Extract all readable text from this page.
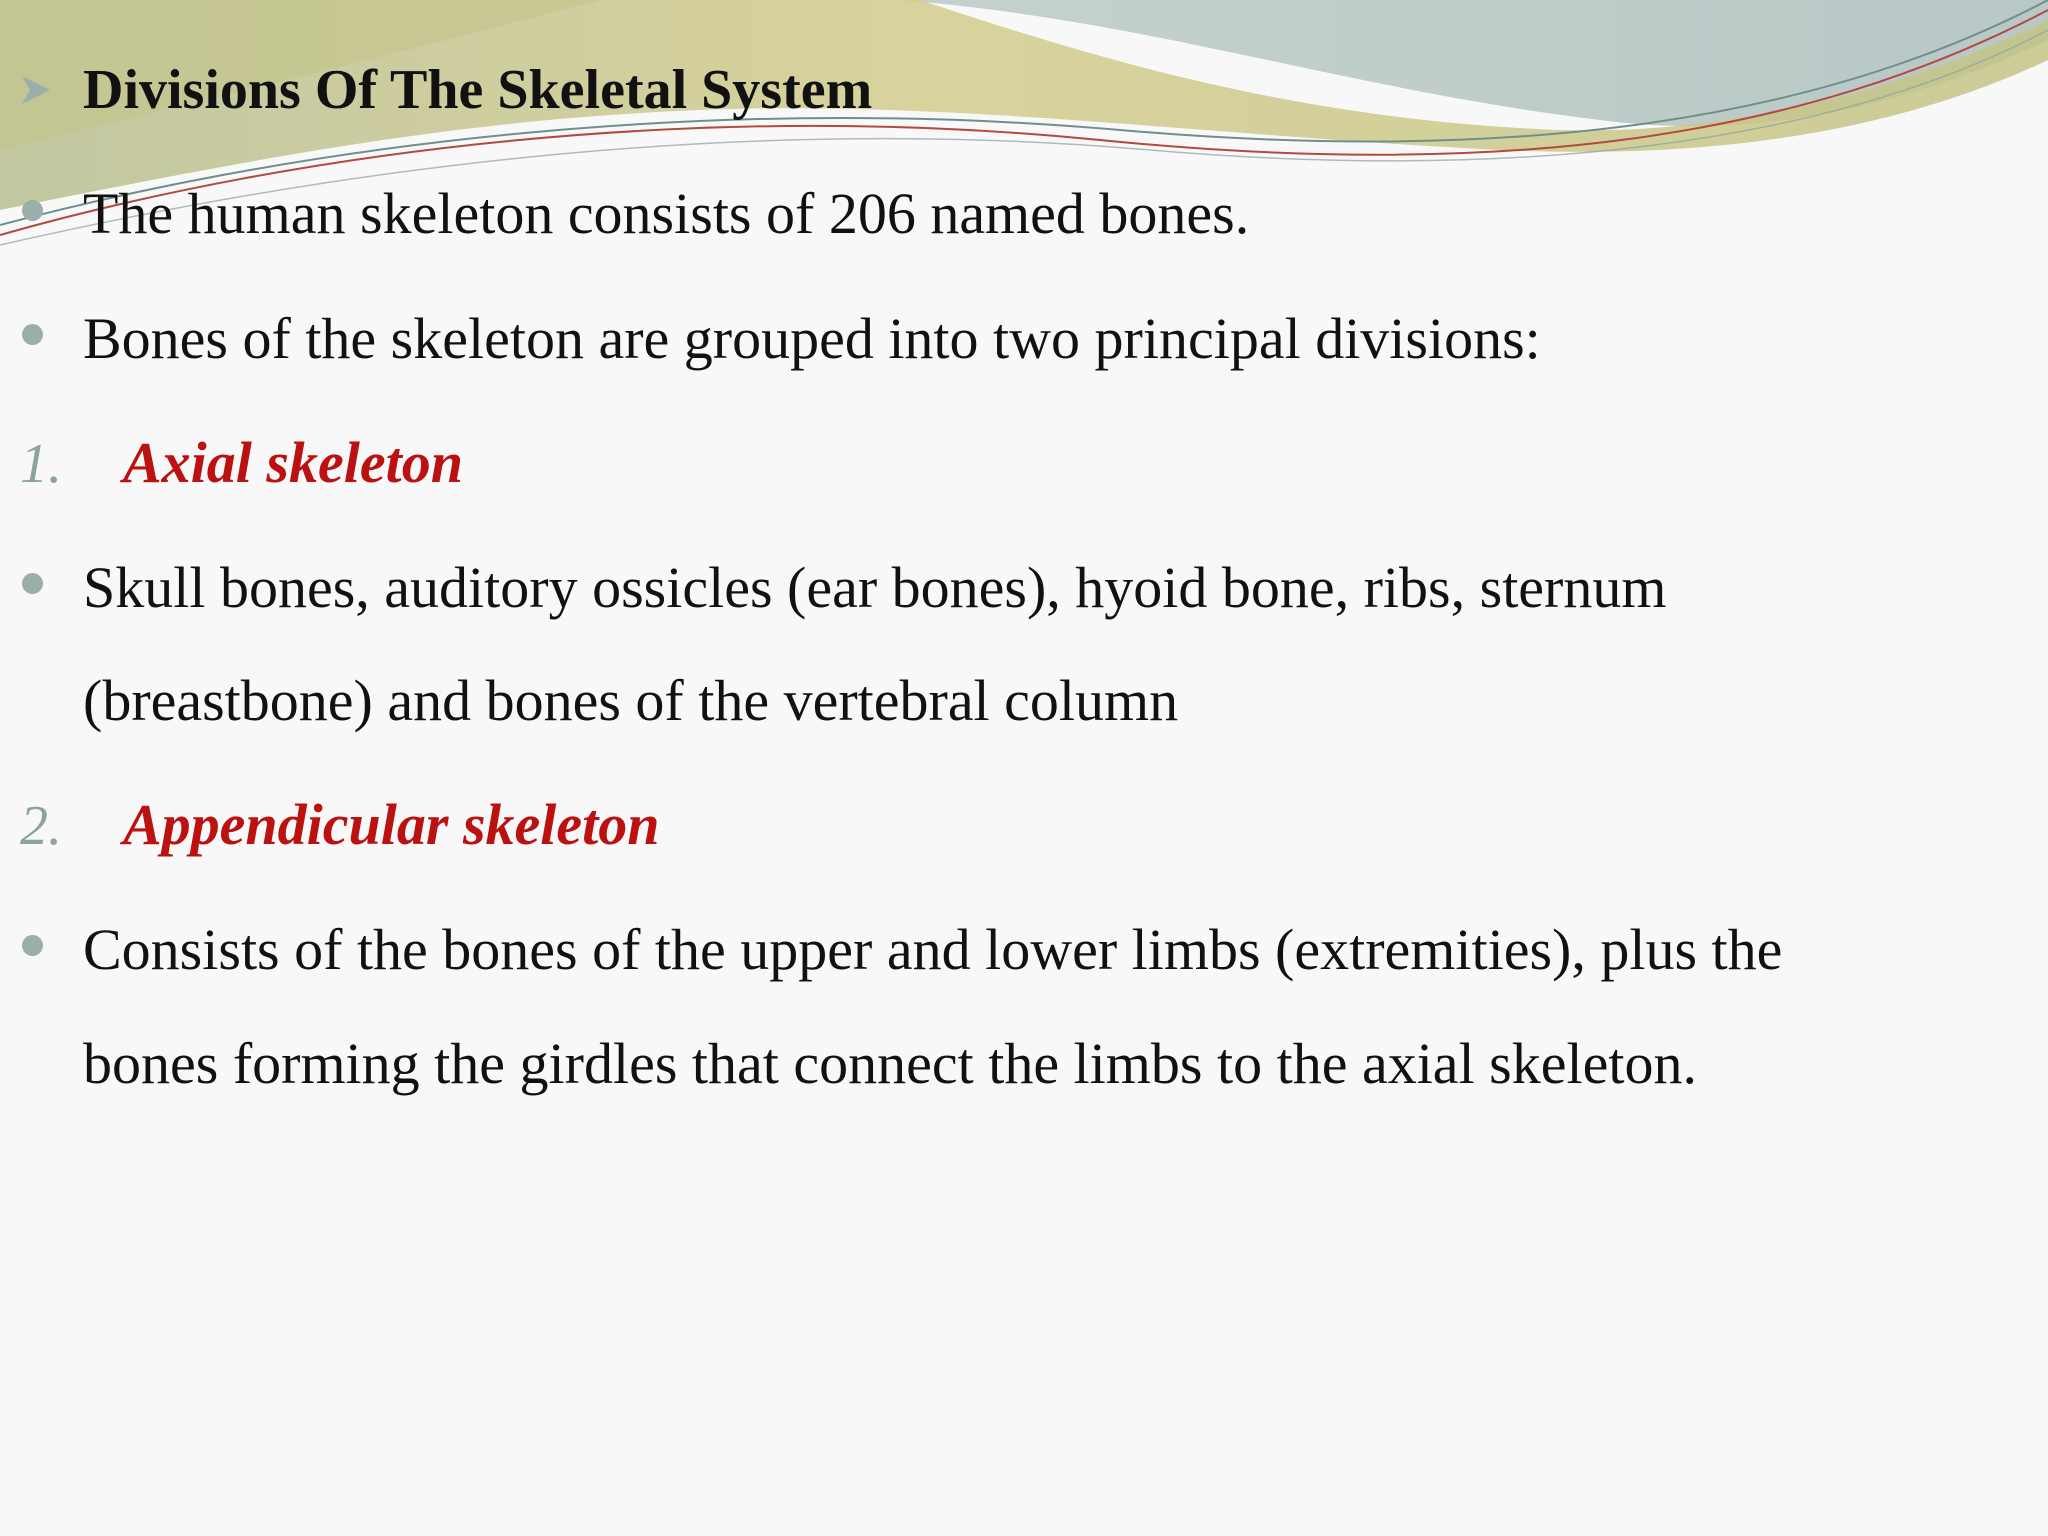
Divisions Of The Skeletal System
The human skeleton consists of 206 named bones.
Bones of the skeleton are grouped into two principal divisions:
1. Axial skeleton
Skull bones, auditory ossicles (ear bones), hyoid bone, ribs, sternum
(breastbone) and bones of the vertebral column
2. Appendicular skeleton
Consists of the bones of the upper and lower limbs (extremities), plus the
bones forming the girdles that connect the limbs to the axial skeleton.
